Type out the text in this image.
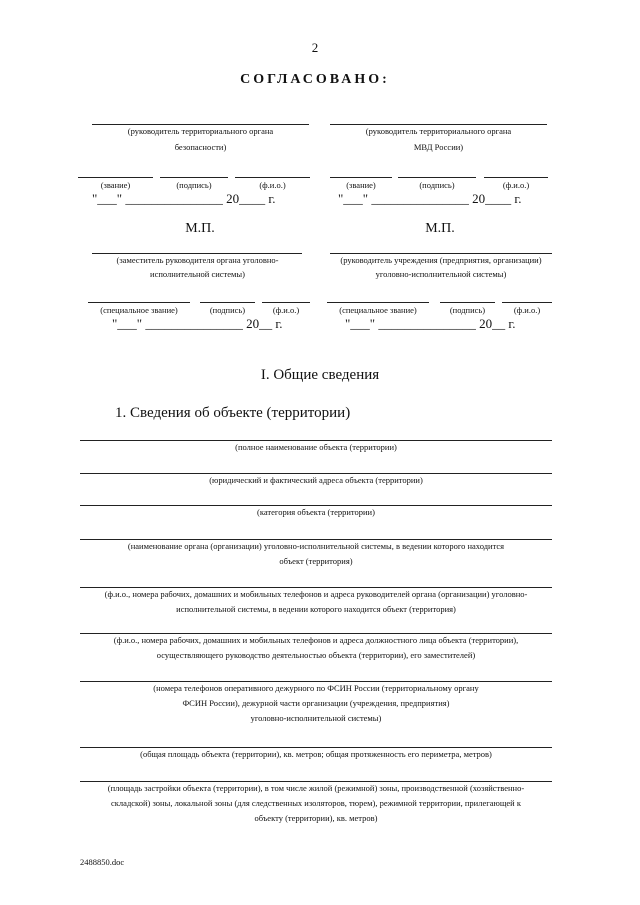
2
СОГЛАСОВАНО:
(руководитель территориального органа
безопасности)
(руководитель территориального органа
МВД России)
(звание)	(подпись)	(ф.и.о.)	(звание)	(подпись)	(ф.и.о.)
"___" _______________ 20____ г.	"___" _______________ 20____ г.
М.П.	М.П.
(заместитель руководителя органа уголовно-
исполнительной системы)
(руководитель учреждения (предприятия, организации)
уголовно-исполнительной системы)
(специальное звание)	(подпись)	(ф.и.о.)	(специальное звание)	(подпись)	(ф.и.о.)
"___" _______________ 20__ г.	"___" _______________ 20__ г.
I. Общие сведения
1. Сведения об объекте (территории)
(полное наименование объекта (территории)
(юридический и фактический адреса объекта (территории)
(категория объекта (территории)
(наименование органа (организации) уголовно-исполнительной системы, в ведении которого находится
объект (территория)
(ф.и.о., номера рабочих, домашних и мобильных телефонов и адреса руководителей органа (организации) уголовно-
исполнительной системы, в ведении которого находится объект (территория)
(ф.и.о., номера рабочих, домашних и мобильных телефонов и адреса должностного лица объекта (территории),
осуществляющего руководство деятельностью объекта (территории), его заместителей)
(номера телефонов оперативного дежурного по ФСИН России (территориальному органу
ФСИН России), дежурной части организации (учреждения, предприятия)
уголовно-исполнительной системы)
(общая площадь объекта (территории), кв. метров; общая протяженность его периметра, метров)
(площадь застройки объекта (территории), в том числе жилой (режимной) зоны, производственной (хозяйственно-
складской) зоны, локальной зоны (для следственных изоляторов, тюрем), режимной территории, прилегающей к
объекту (территории), кв. метров)
2488850.doc
